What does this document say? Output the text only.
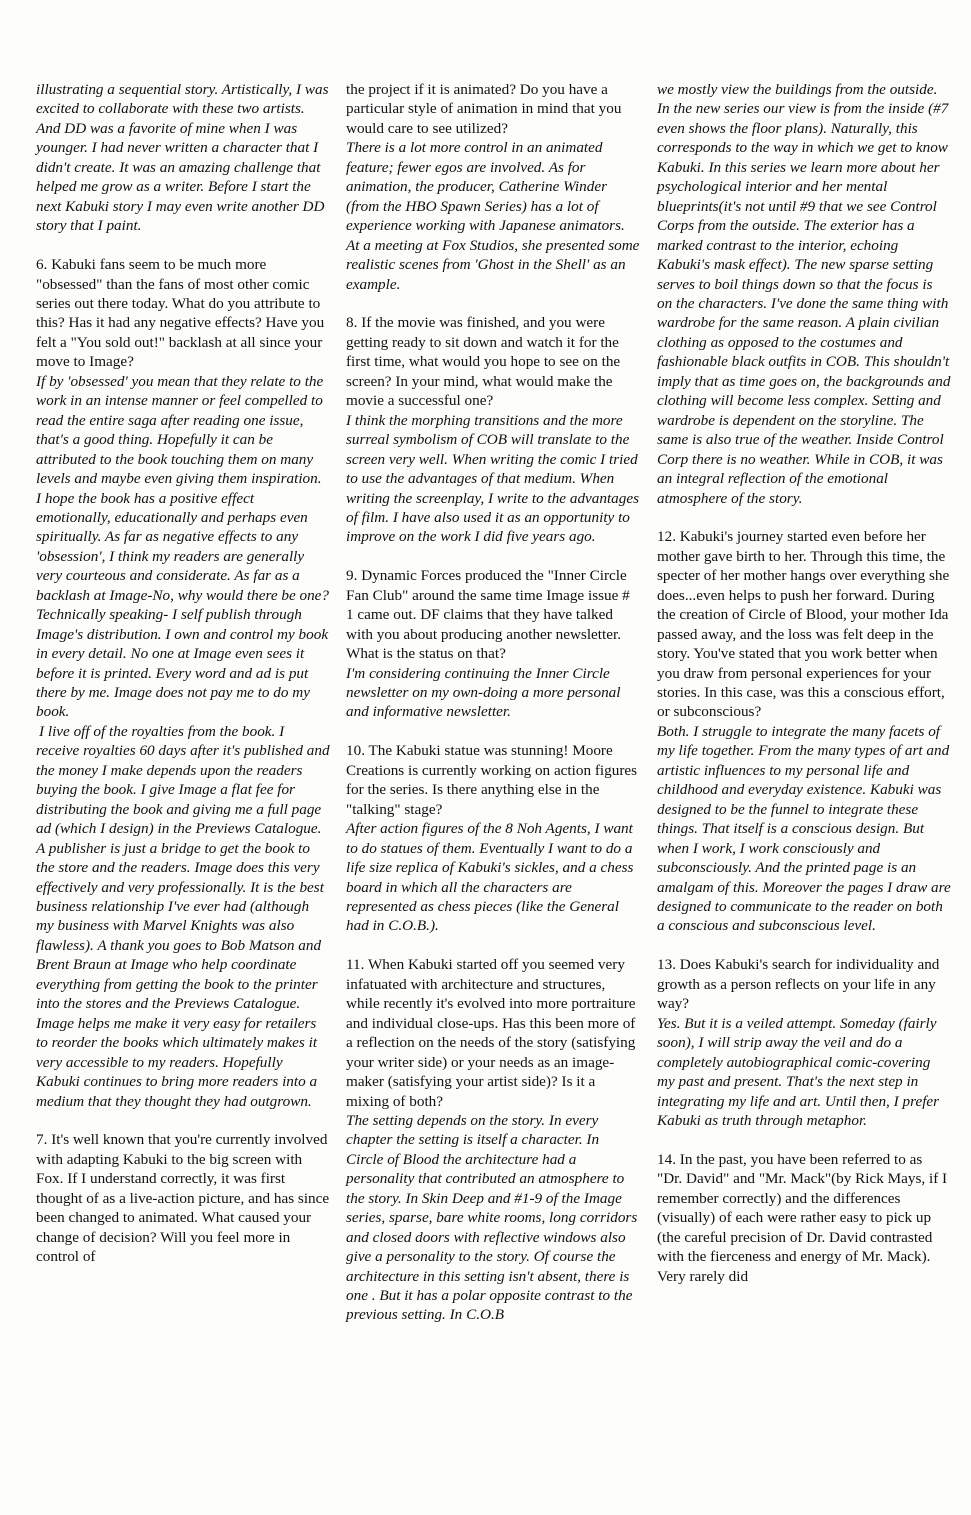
illustrating a sequential story. Artistically, I was excited to collaborate with these two artists. And DD was a favorite of mine when I was younger. I had never written a character that I didn't create. It was an amazing challenge that helped me grow as a writer. Before I start the next Kabuki story I may even write another DD story that I paint.

6. Kabuki fans seem to be much more "obsessed" than the fans of most other comic series out there today. What do you attribute to this? Has it had any negative effects? Have you felt a "You sold out!" backlash at all since your move to Image?

If by 'obsessed' you mean that they relate to the work in an intense manner or feel compelled to read the entire saga after reading one issue, that's a good thing. Hopefully it can be attributed to the book touching them on many levels and maybe even giving them inspiration. I hope the book has a positive effect emotionally, educationally and perhaps even spiritually. As far as negative effects to any 'obsession', I think my readers are generally very courteous and considerate. As far as a backlash at Image-No, why would there be one? Technically speaking- I self publish through Image's distribution. I own and control my book in every detail. No one at Image even sees it before it is printed. Every word and ad is put there by me. Image does not pay me to do my book.

I live off of the royalties from the book. I receive royalties 60 days after it's published and the money I make depends upon the readers buying the book. I give Image a flat fee for distributing the book and giving me a full page ad (which I design) in the Previews Catalogue. A publisher is just a bridge to get the book to the store and the readers. Image does this very effectively and very professionally. It is the best business relationship I've ever had (although my business with Marvel Knights was also flawless). A thank you goes to Bob Matson and Brent Braun at Image who help coordinate everything from getting the book to the printer into the stores and the Previews Catalogue. Image helps me make it very easy for retailers to reorder the books which ultimately makes it very accessible to my readers. Hopefully Kabuki continues to bring more readers into a medium that they thought they had outgrown.

7. It's well known that you're currently involved with adapting Kabuki to the big screen with Fox. If I understand correctly, it was first thought of as a live-action picture, and has since been changed to animated. What caused your change of decision? Will you feel more in control of

the project if it is animated? Do you have a particular style of animation in mind that you would care to see utilized?

There is a lot more control in an animated feature; fewer egos are involved. As for animation, the producer, Catherine Winder (from the HBO Spawn Series) has a lot of experience working with Japanese animators. At a meeting at Fox Studios, she presented some realistic scenes from 'Ghost in the Shell' as an example.

8. If the movie was finished, and you were getting ready to sit down and watch it for the first time, what would you hope to see on the screen? In your mind, what would make the movie a successful one?

I think the morphing transitions and the more surreal symbolism of COB will translate to the screen very well. When writing the comic I tried to use the advantages of that medium. When writing the screenplay, I write to the advantages of film. I have also used it as an opportunity to improve on the work I did five years ago.

9. Dynamic Forces produced the "Inner Circle Fan Club" around the same time Image issue # 1 came out. DF claims that they have talked with you about producing another newsletter. What is the status on that?

I'm considering continuing the Inner Circle newsletter on my own-doing a more personal and informative newsletter.

10. The Kabuki statue was stunning! Moore Creations is currently working on action figures for the series. Is there anything else in the "talking" stage?

After action figures of the 8 Noh Agents, I want to do statues of them. Eventually I want to do a life size replica of Kabuki's sickles, and a chess board in which all the characters are represented as chess pieces (like the General had in C.O.B.).

11. When Kabuki started off you seemed very infatuated with architecture and structures, while recently it's evolved into more portraiture and individual close-ups. Has this been more of a reflection on the needs of the story (satisfying your writer side) or your needs as an image-maker (satisfying your artist side)? Is it a mixing of both?

The setting depends on the story. In every chapter the setting is itself a character. In Circle of Blood the architecture had a personality that contributed an atmosphere to the story. In Skin Deep and #1-9 of the Image series, sparse, bare white rooms, long corridors and closed doors with reflective windows also give a personality to the story. Of course the architecture in this setting isn't absent, there is one . But it has a polar opposite contrast to the previous setting. In C.O.B

we mostly view the buildings from the outside. In the new series our view is from the inside (#7 even shows the floor plans). Naturally, this corresponds to the way in which we get to know Kabuki. In this series we learn more about her psychological interior and her mental blueprints(it's not until #9 that we see Control Corps from the outside. The exterior has a marked contrast to the interior, echoing Kabuki's mask effect). The new sparse setting serves to boil things down so that the focus is on the characters. I've done the same thing with wardrobe for the same reason. A plain civilian clothing as opposed to the costumes and fashionable black outfits in COB. This shouldn't imply that as time goes on, the backgrounds and clothing will become less complex. Setting and wardrobe is dependent on the storyline. The same is also true of the weather. Inside Control Corp there is no weather. While in COB, it was an integral reflection of the emotional atmosphere of the story.

12. Kabuki's journey started even before her mother gave birth to her. Through this time, the specter of her mother hangs over everything she does...even helps to push her forward. During the creation of Circle of Blood, your mother Ida passed away, and the loss was felt deep in the story. You've stated that you work better when you draw from personal experiences for your stories. In this case, was this a conscious effort, or subconscious?

Both. I struggle to integrate the many facets of my life together. From the many types of art and artistic influences to my personal life and childhood and everyday existence. Kabuki was designed to be the funnel to integrate these things. That itself is a conscious design. But when I work, I work consciously and subconsciously. And the printed page is an amalgam of this. Moreover the pages I draw are designed to communicate to the reader on both a conscious and subconscious level.

13. Does Kabuki's search for individuality and growth as a person reflects on your life in any way?

Yes. But it is a veiled attempt. Someday (fairly soon), I will strip away the veil and do a completely autobiographical comic-covering my past and present. That's the next step in integrating my life and art. Until then, I prefer Kabuki as truth through metaphor.

14. In the past, you have been referred to as "Dr. David" and "Mr. Mack"(by Rick Mays, if I remember correctly) and the differences (visually) of each were rather easy to pick up (the careful precision of Dr. David contrasted with the fierceness and energy of Mr. Mack). Very rarely did
